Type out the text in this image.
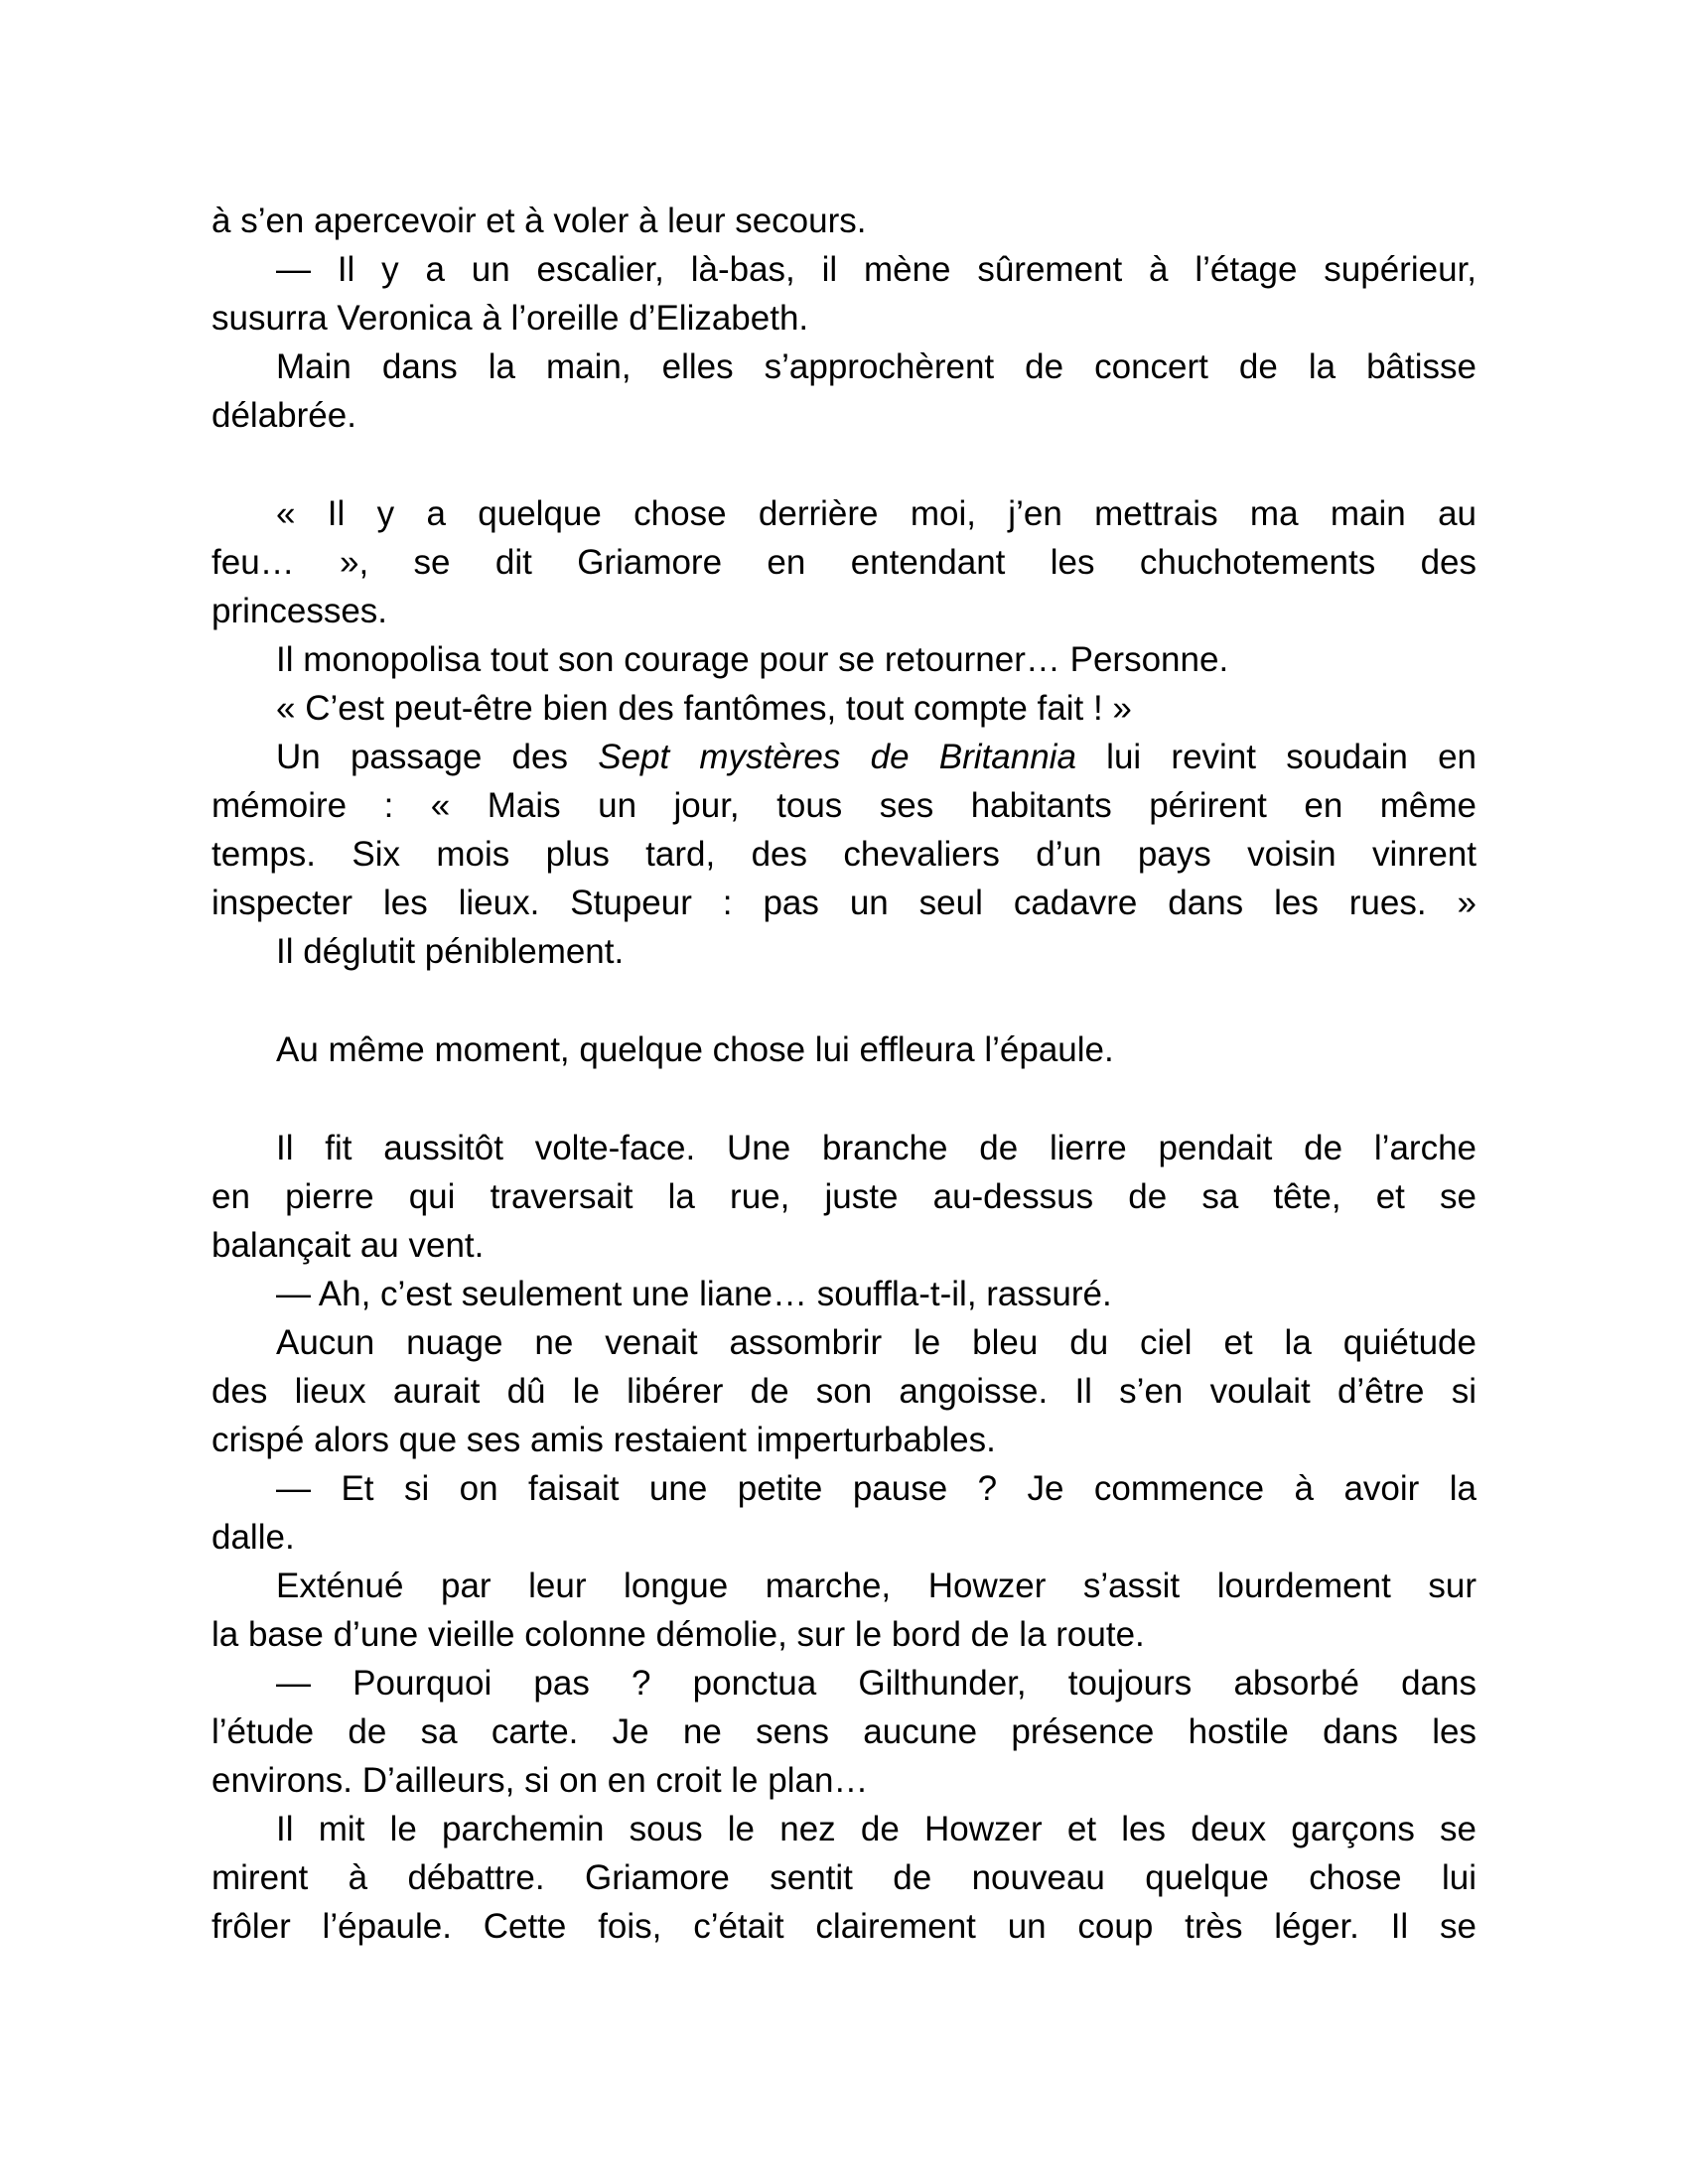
à s’en apercevoir et à voler à leur secours.
— Il y a un escalier, là-bas, il mène sûrement à l’étage supérieur,
susurra Veronica à l’oreille d’Elizabeth.
Main dans la main, elles s’approchèrent de concert de la bâtisse
délabrée.
« Il y a quelque chose derrière moi, j’en mettrais ma main au
feu… », se dit Griamore en entendant les chuchotements des
princesses.
Il monopolisa tout son courage pour se retourner… Personne.
« C’est peut-être bien des fantômes, tout compte fait ! »
Un passage des Sept mystères de Britannia lui revint soudain en
mémoire : « Mais un jour, tous ses habitants périrent en même
temps. Six mois plus tard, des chevaliers d’un pays voisin vinrent
inspecter les lieux. Stupeur : pas un seul cadavre dans les rues. »
Il déglutit péniblement.
Au même moment, quelque chose lui effleura l’épaule.
Il fit aussitôt volte-face. Une branche de lierre pendait de l’arche
en pierre qui traversait la rue, juste au-dessus de sa tête, et se
balançait au vent.
— Ah, c’est seulement une liane… souffla-t-il, rassuré.
Aucun nuage ne venait assombrir le bleu du ciel et la quiétude
des lieux aurait dû le libérer de son angoisse. Il s’en voulait d’être si
crispé alors que ses amis restaient imperturbables.
— Et si on faisait une petite pause ? Je commence à avoir la
dalle.
Exténué par leur longue marche, Howzer s’assit lourdement sur
la base d’une vieille colonne démolie, sur le bord de la route.
— Pourquoi pas ? ponctua Gilthunder, toujours absorbé dans
l’étude de sa carte. Je ne sens aucune présence hostile dans les
environs. D’ailleurs, si on en croit le plan…
Il mit le parchemin sous le nez de Howzer et les deux garçons se
mirent à débattre. Griamore sentit de nouveau quelque chose lui
frôler l’épaule. Cette fois, c’était clairement un coup très léger. Il se
